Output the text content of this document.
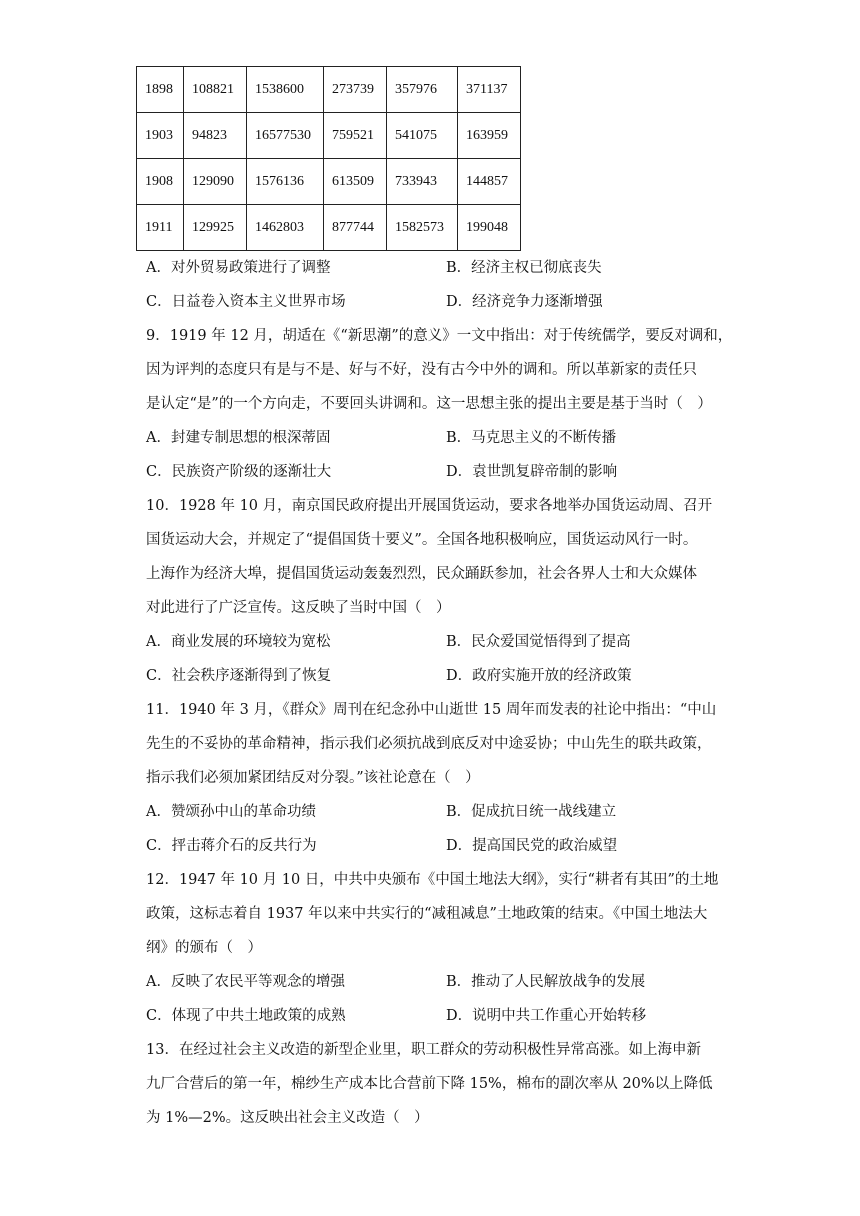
1898	108821	1538600	273739	357976	371137
1903	94823	16577530	759521	541075	163959
1908	129090	1576136	613509	733943	144857
1911	129925	1462803	877744	1582573	199048
A．对外贸易政策进行了调整	B．经济主权已彻底丧失
C．日益卷入资本主义世界市场	D．经济竞争力逐渐增强
9．1919 年 12 月，胡适在《“新思潮”的意义》一文中指出：对于传统儒学，要反对调和，
因为评判的态度只有是与不是、好与不好，没有古今中外的调和。所以革新家的责任只
是认定“是”的一个方向走，不要回头讲调和。这一思想主张的提出主要是基于当时（　）
A．封建专制思想的根深蒂固	B．马克思主义的不断传播
C．民族资产阶级的逐渐壮大	D．袁世凯复辟帝制的影响
10．1928 年 10 月，南京国民政府提出开展国货运动，要求各地举办国货运动周、召开
国货运动大会，并规定了“提倡国货十要义”。全国各地积极响应，国货运动风行一时。
上海作为经济大埠，提倡国货运动轰轰烈烈，民众踊跃参加，社会各界人士和大众媒体
对此进行了广泛宣传。这反映了当时中国（　）
A．商业发展的环境较为宽松	B．民众爱国觉悟得到了提高
C．社会秩序逐渐得到了恢复	D．政府实施开放的经济政策
11．1940 年 3 月，《群众》周刊在纪念孙中山逝世 15 周年而发表的社论中指出：“中山
先生的不妥协的革命精神，指示我们必须抗战到底反对中途妥协；中山先生的联共政策，
指示我们必须加紧团结反对分裂。”该社论意在（　）
A．赞颂孙中山的革命功绩	B．促成抗日统一战线建立
C．抨击蒋介石的反共行为	D．提高国民党的政治威望
12．1947 年 10 月 10 日，中共中央颁布《中国土地法大纲》，实行“耕者有其田”的土地
政策，这标志着自 1937 年以来中共实行的“减租减息”土地政策的结束。《中国土地法大
纲》的颁布（　）
A．反映了农民平等观念的增强	B．推动了人民解放战争的发展
C．体现了中共土地政策的成熟	D．说明中共工作重心开始转移
13．在经过社会主义改造的新型企业里，职工群众的劳动积极性异常高涨。如上海申新
九厂合营后的第一年，棉纱生产成本比合营前下降 15%，棉布的副次率从 20%以上降低
为 1%—2%。这反映出社会主义改造（　）
